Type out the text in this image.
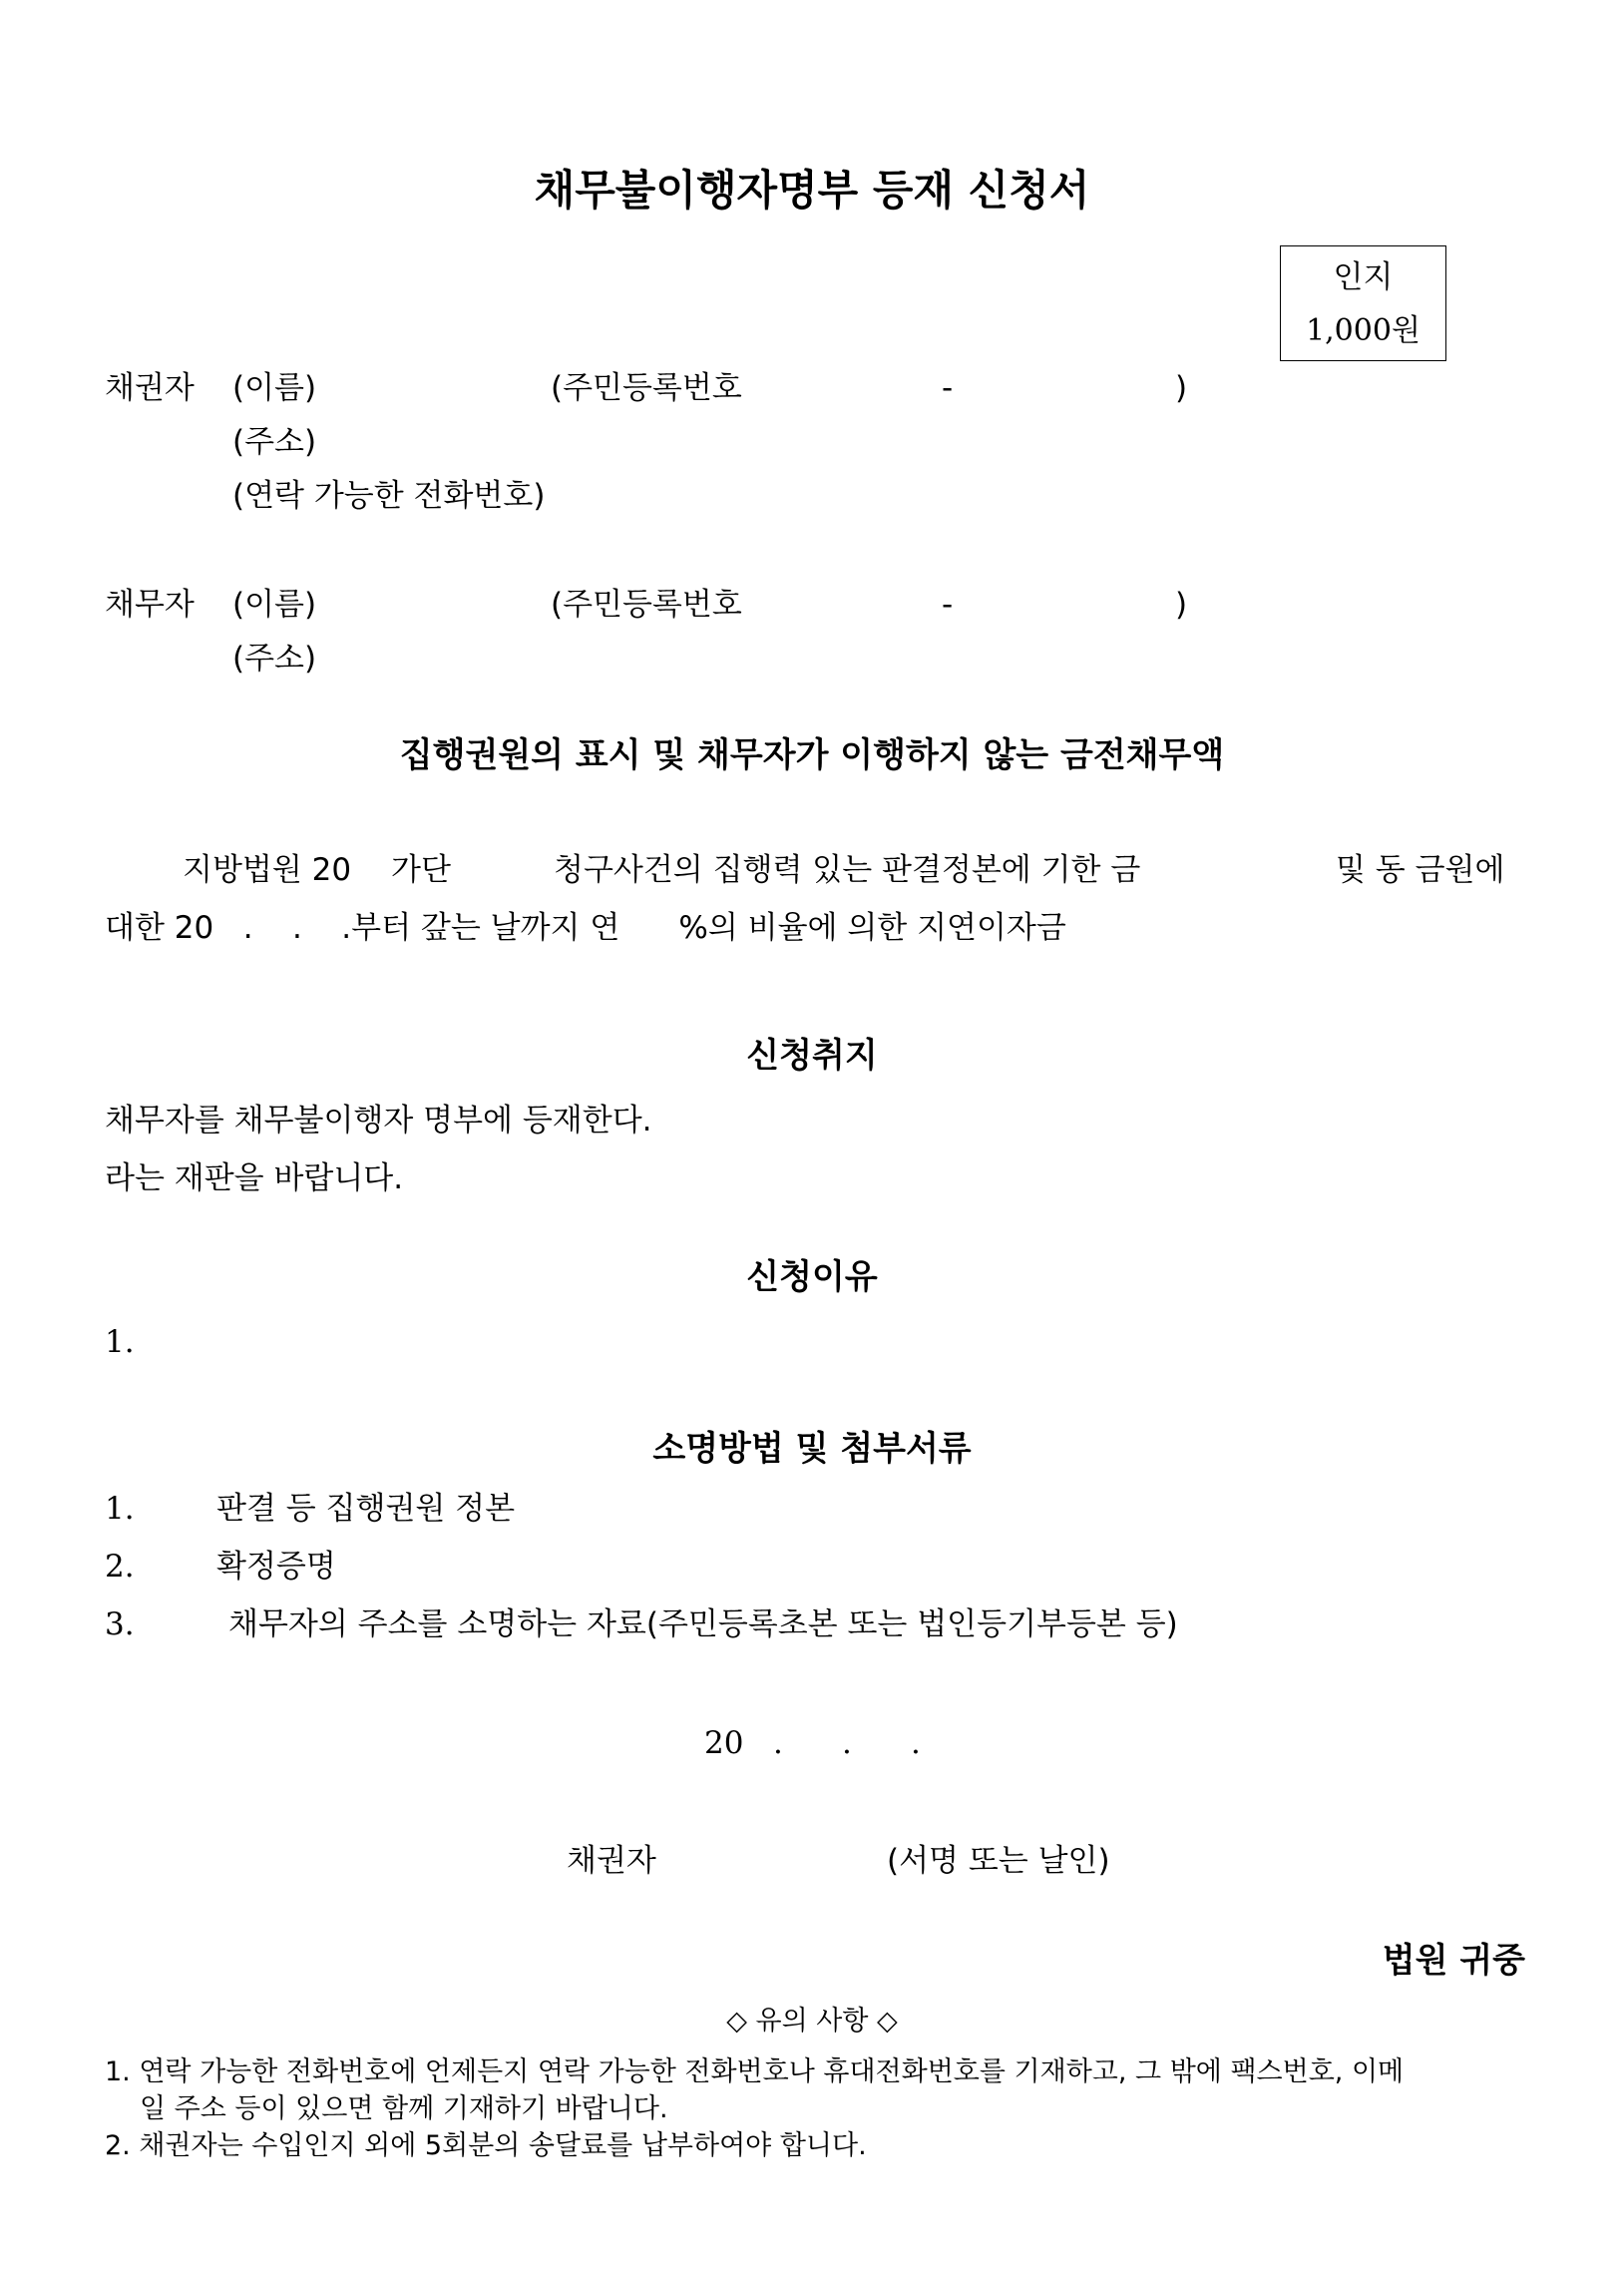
채무불이행자명부 등재 신청서
인지
1,000원
채권자 (이름)	(주민등록번호	-	)
(주소)
(연락 가능한 전화번호)
채무자 (이름)	(주민등록번호	-	)
(주소)
집행권원의 표시 및 채무자가 이행하지 않는 금전채무액
지방법원 20 가단	청구사건의 집행력 있는 판결정본에 기한 금	및 동 금원에
대한 20   .    .    .부터 갚는 날까지 연      %의 비율에 의한 지연이자금
신청취지
채무자를 채무불이행자 명부에 등재한다.
라는 재판을 바랍니다.
신청이유
1.
소명방법 및 첨부서류
1.	판결 등 집행권원 정본
2.	확정증명
3.	채무자의 주소를 소명하는 자료(주민등록초본 또는 법인등기부등본 등)
20   .      .      .
채권자	(서명 또는 날인)
법원 귀중
◇ 유의 사항 ◇
1. 연락 가능한 전화번호에 언제든지 연락 가능한 전화번호나 휴대전화번호를 기재하고, 그 밖에 팩스번호, 이메
일 주소 등이 있으면 함께 기재하기 바랍니다.
2. 채권자는 수입인지 외에 5회분의 송달료를 납부하여야 합니다.
